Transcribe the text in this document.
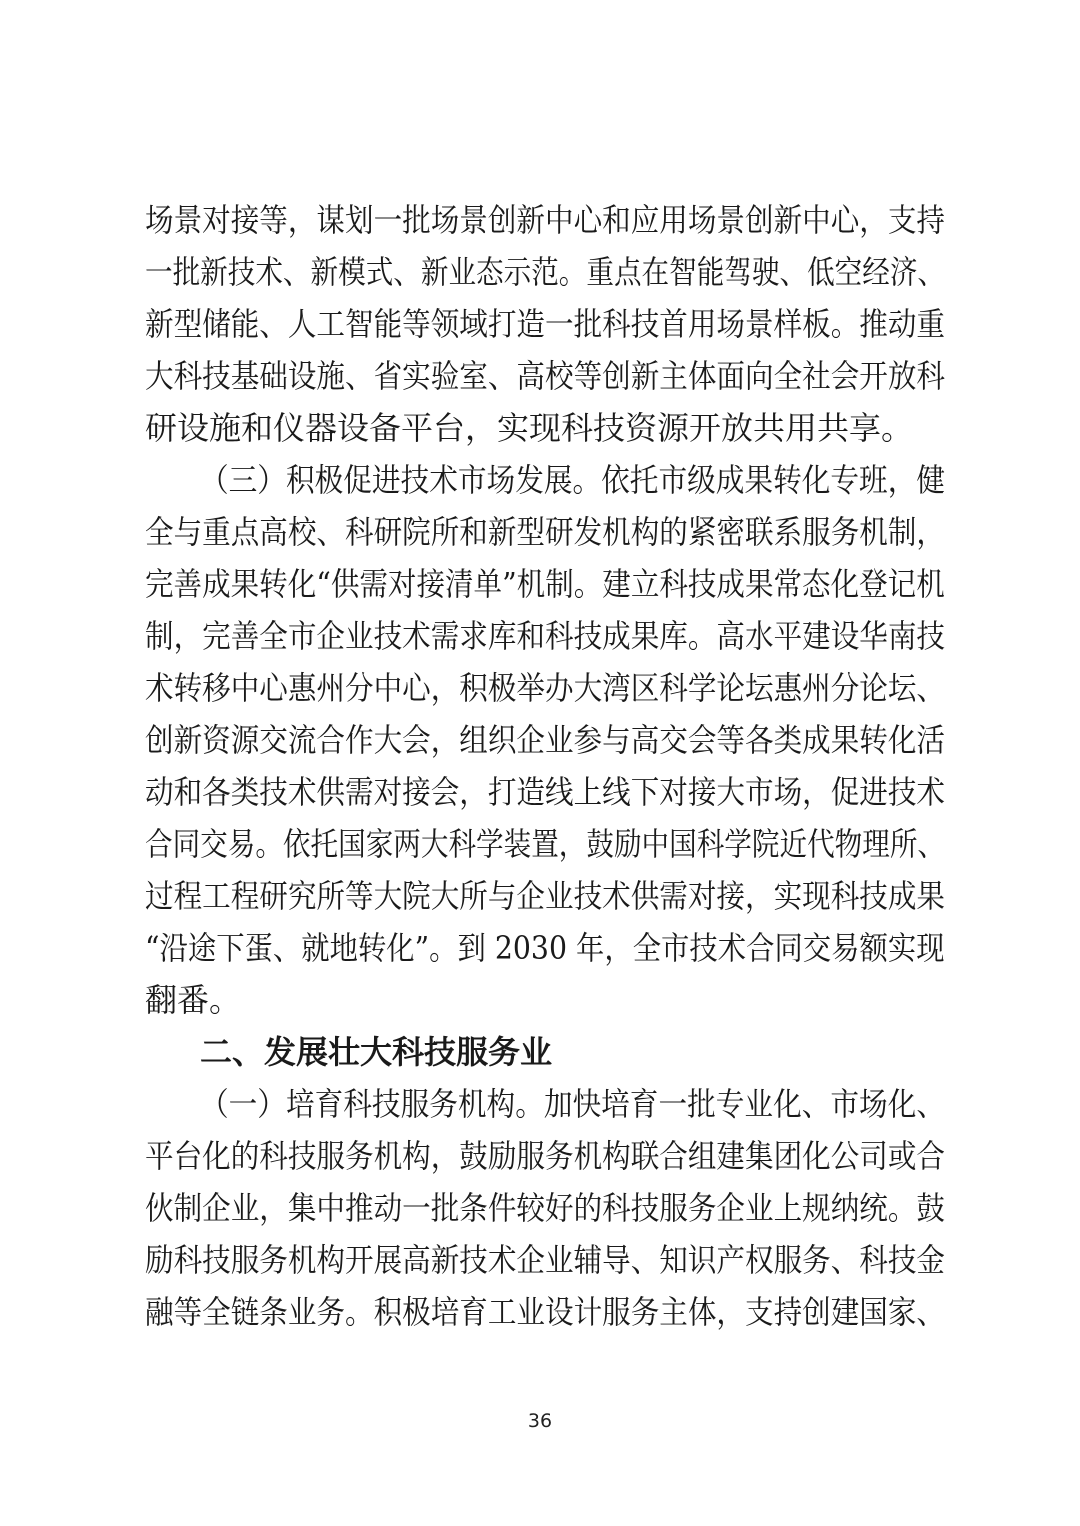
场景对接等，谋划一批场景创新中心和应用场景创新中心，支持
一批新技术、新模式、新业态示范。重点在智能驾驶、低空经济、
新型储能、人工智能等领域打造一批科技首用场景样板。推动重
大科技基础设施、省实验室、高校等创新主体面向全社会开放科
研设施和仪器设备平台，实现科技资源开放共用共享。
（三）积极促进技术市场发展。依托市级成果转化专班，健
全与重点高校、科研院所和新型研发机构的紧密联系服务机制，
完善成果转化“供需对接清单”机制。建立科技成果常态化登记机
制，完善全市企业技术需求库和科技成果库。高水平建设华南技
术转移中心惠州分中心，积极举办大湾区科学论坛惠州分论坛、
创新资源交流合作大会，组织企业参与高交会等各类成果转化活
动和各类技术供需对接会，打造线上线下对接大市场，促进技术
合同交易。依托国家两大科学装置，鼓励中国科学院近代物理所、
过程工程研究所等大院大所与企业技术供需对接，实现科技成果
“沿途下蛋、就地转化”。到 2030 年，全市技术合同交易额实现
翻番。
二、发展壮大科技服务业
（一）培育科技服务机构。加快培育一批专业化、市场化、
平台化的科技服务机构，鼓励服务机构联合组建集团化公司或合
伙制企业，集中推动一批条件较好的科技服务企业上规纳统。鼓
励科技服务机构开展高新技术企业辅导、知识产权服务、科技金
融等全链条业务。积极培育工业设计服务主体，支持创建国家、
36
